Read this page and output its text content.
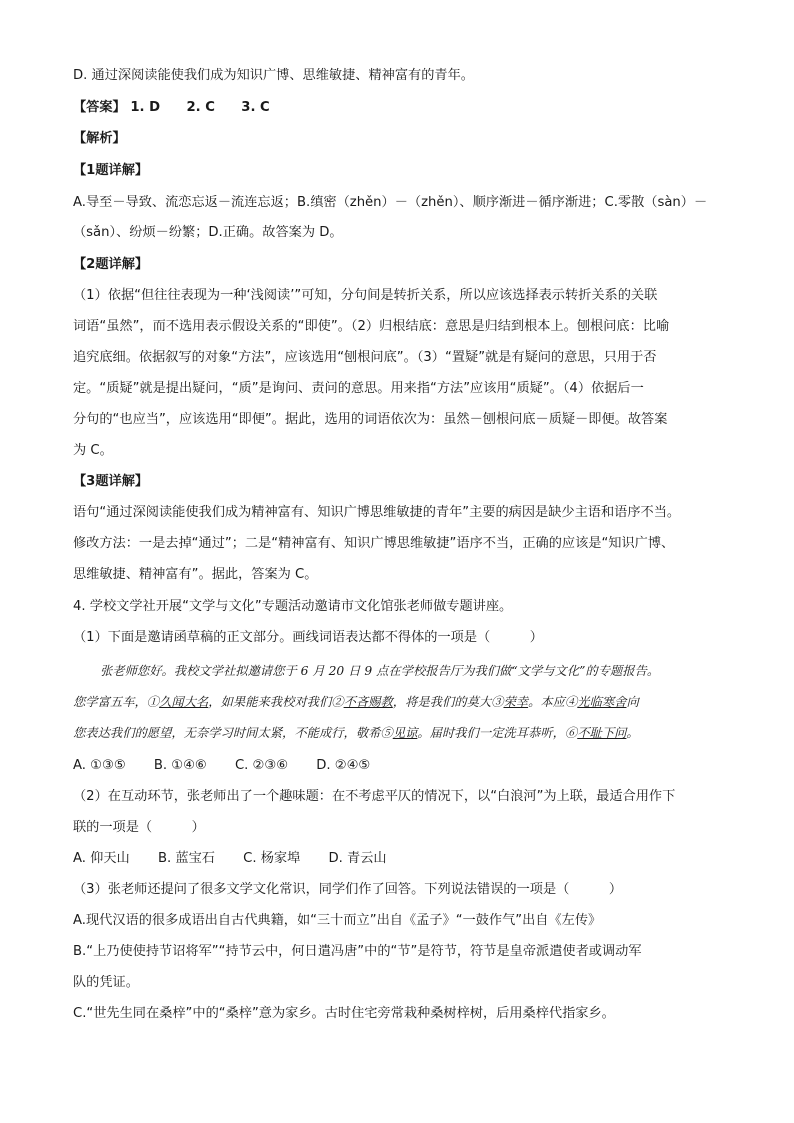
D. 通过深阅读能使我们成为知识广博、思维敏捷、精神富有的青年。
【答案】 1. D　　2. C　　3. C
【解析】
【1题详解】
A.导至－导致、流恋忘返－流连忘返；B.缜密（zhěn）－（zhěn）、顺序渐进－循序渐进；C.零散（sàn）－
（sǎn）、纷烦－纷繁；D.正确。故答案为 D。
【2题详解】
（1）依据“但往往表现为一种‘浅阅读’”可知，分句间是转折关系，所以应该选择表示转折关系的关联
词语“虽然”，而不选用表示假设关系的“即使”。（2）归根结底：意思是归结到根本上。刨根问底：比喻
追究底细。依据叙写的对象“方法”，应该选用“刨根问底”。（3）“置疑”就是有疑问的意思，只用于否
定。“质疑”就是提出疑问，“质”是询问、责问的意思。用来指“方法”应该用“质疑”。（4）依据后一
分句的“也应当”，应该选用“即便”。据此，选用的词语依次为：虽然－刨根问底－质疑－即便。故答案
为 C。
【3题详解】
语句“通过深阅读能使我们成为精神富有、知识广博思维敏捷的青年”主要的病因是缺少主语和语序不当。
修改方法：一是去掉“通过”；二是“精神富有、知识广博思维敏捷”语序不当，正确的应该是“知识广博、
思维敏捷、精神富有”。据此，答案为 C。
4. 学校文学社开展“文学与文化”专题活动邀请市文化馆张老师做专题讲座。
（1）下面是邀请函草稿的正文部分。画线词语表达都不得体的一项是（　　　）
张老师您好。我校文学社拟邀请您于 6 月 20 日 9 点在学校报告厅为我们做“文学与文化”的专题报告。
您学富五车，①久闻大名，如果能来我校对我们②不吝赐教，将是我们的莫大③荣幸。本应④光临寒舍向
您表达我们的愿望，无奈学习时间太紧，不能成行，敬希⑤见谅。届时我们一定洗耳恭听，⑥不耻下问。
A. ①③⑤ B. ①④⑥ C. ②③⑥ D. ②④⑤
（2）在互动环节，张老师出了一个趣味题：在不考虑平仄的情况下，以“白浪河”为上联，最适合用作下
联的一项是（　　　）
A. 仰天山 B. 蓝宝石 C. 杨家埠 D. 青云山
（3）张老师还提问了很多文学文化常识，同学们作了回答。下列说法错误的一项是（　　　）
A.现代汉语的很多成语出自古代典籍，如“三十而立”出自《孟子》“一鼓作气”出自《左传》
B.“上乃使使持节诏将军”“持节云中，何日遣冯唐”中的“节”是符节，符节是皇帝派遣使者或调动军
队的凭证。
C.“世先生同在桑梓”中的“桑梓”意为家乡。古时住宅旁常栽种桑树梓树，后用桑梓代指家乡。
